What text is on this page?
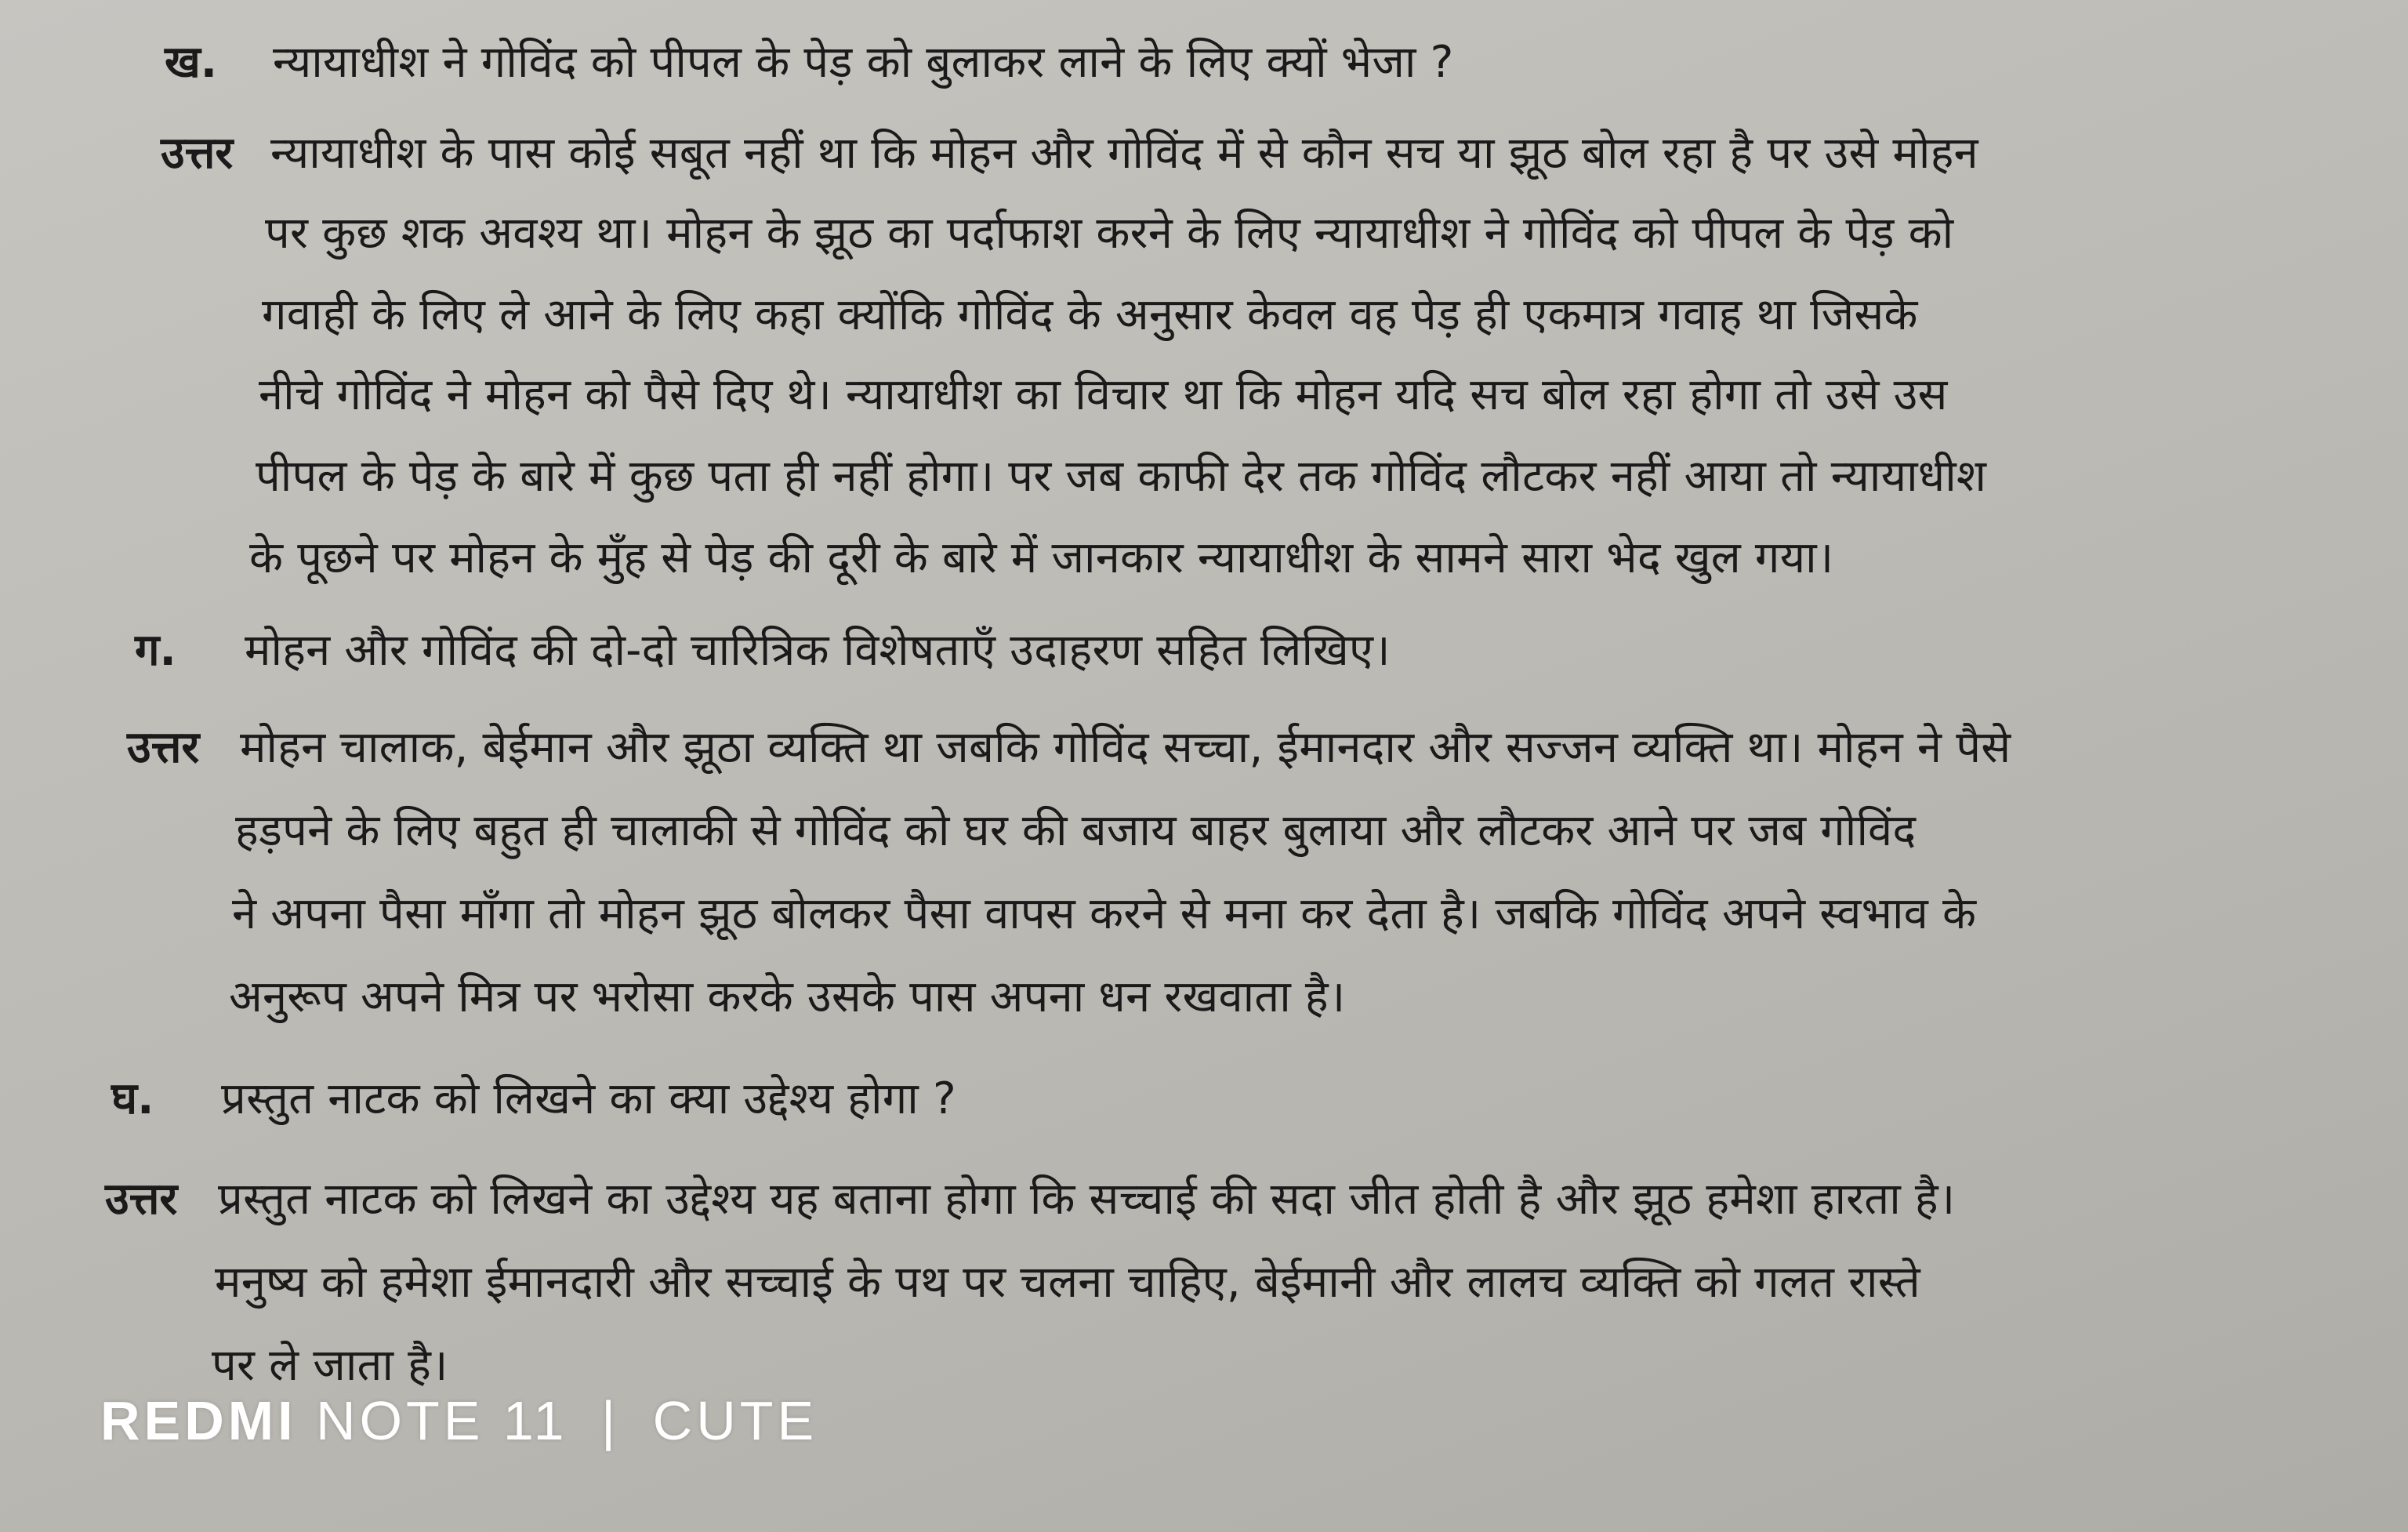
ख. न्यायाधीश ने गोविंद को पीपल के पेड़ को बुलाकर लाने के लिए क्यों भेजा ?
उत्तर न्यायाधीश के पास कोई सबूत नहीं था कि मोहन और गोविंद में से कौन सच या झूठ बोल रहा है पर उसे मोहन
पर कुछ शक अवश्य था। मोहन के झूठ का पर्दाफाश करने के लिए न्यायाधीश ने गोविंद को पीपल के पेड़ को
गवाही के लिए ले आने के लिए कहा क्योंकि गोविंद के अनुसार केवल वह पेड़ ही एकमात्र गवाह था जिसके
नीचे गोविंद ने मोहन को पैसे दिए थे। न्यायाधीश का विचार था कि मोहन यदि सच बोल रहा होगा तो उसे उस
पीपल के पेड़ के बारे में कुछ पता ही नहीं होगा। पर जब काफी देर तक गोविंद लौटकर नहीं आया तो न्यायाधीश
के पूछने पर मोहन के मुँह से पेड़ की दूरी के बारे में जानकार न्यायाधीश के सामने सारा भेद खुल गया।
ग. मोहन और गोविंद की दो-दो चारित्रिक विशेषताएँ उदाहरण सहित लिखिए।
उत्तर मोहन चालाक, बेईमान और झूठा व्यक्ति था जबकि गोविंद सच्चा, ईमानदार और सज्जन व्यक्ति था। मोहन ने पैसे
हड़पने के लिए बहुत ही चालाकी से गोविंद को घर की बजाय बाहर बुलाया और लौटकर आने पर जब गोविंद
ने अपना पैसा माँगा तो मोहन झूठ बोलकर पैसा वापस करने से मना कर देता है। जबकि गोविंद अपने स्वभाव के
अनुरूप अपने मित्र पर भरोसा करके उसके पास अपना धन रखवाता है।
घ. प्रस्तुत नाटक को लिखने का क्या उद्देश्य होगा ?
उत्तर प्रस्तुत नाटक को लिखने का उद्देश्य यह बताना होगा कि सच्चाई की सदा जीत होती है और झूठ हमेशा हारता है।
मनुष्य को हमेशा ईमानदारी और सच्चाई के पथ पर चलना चाहिए, बेईमानी और लालच व्यक्ति को गलत रास्ते
पर ले जाता है।
REDMI NOTE 11 | CUTE
